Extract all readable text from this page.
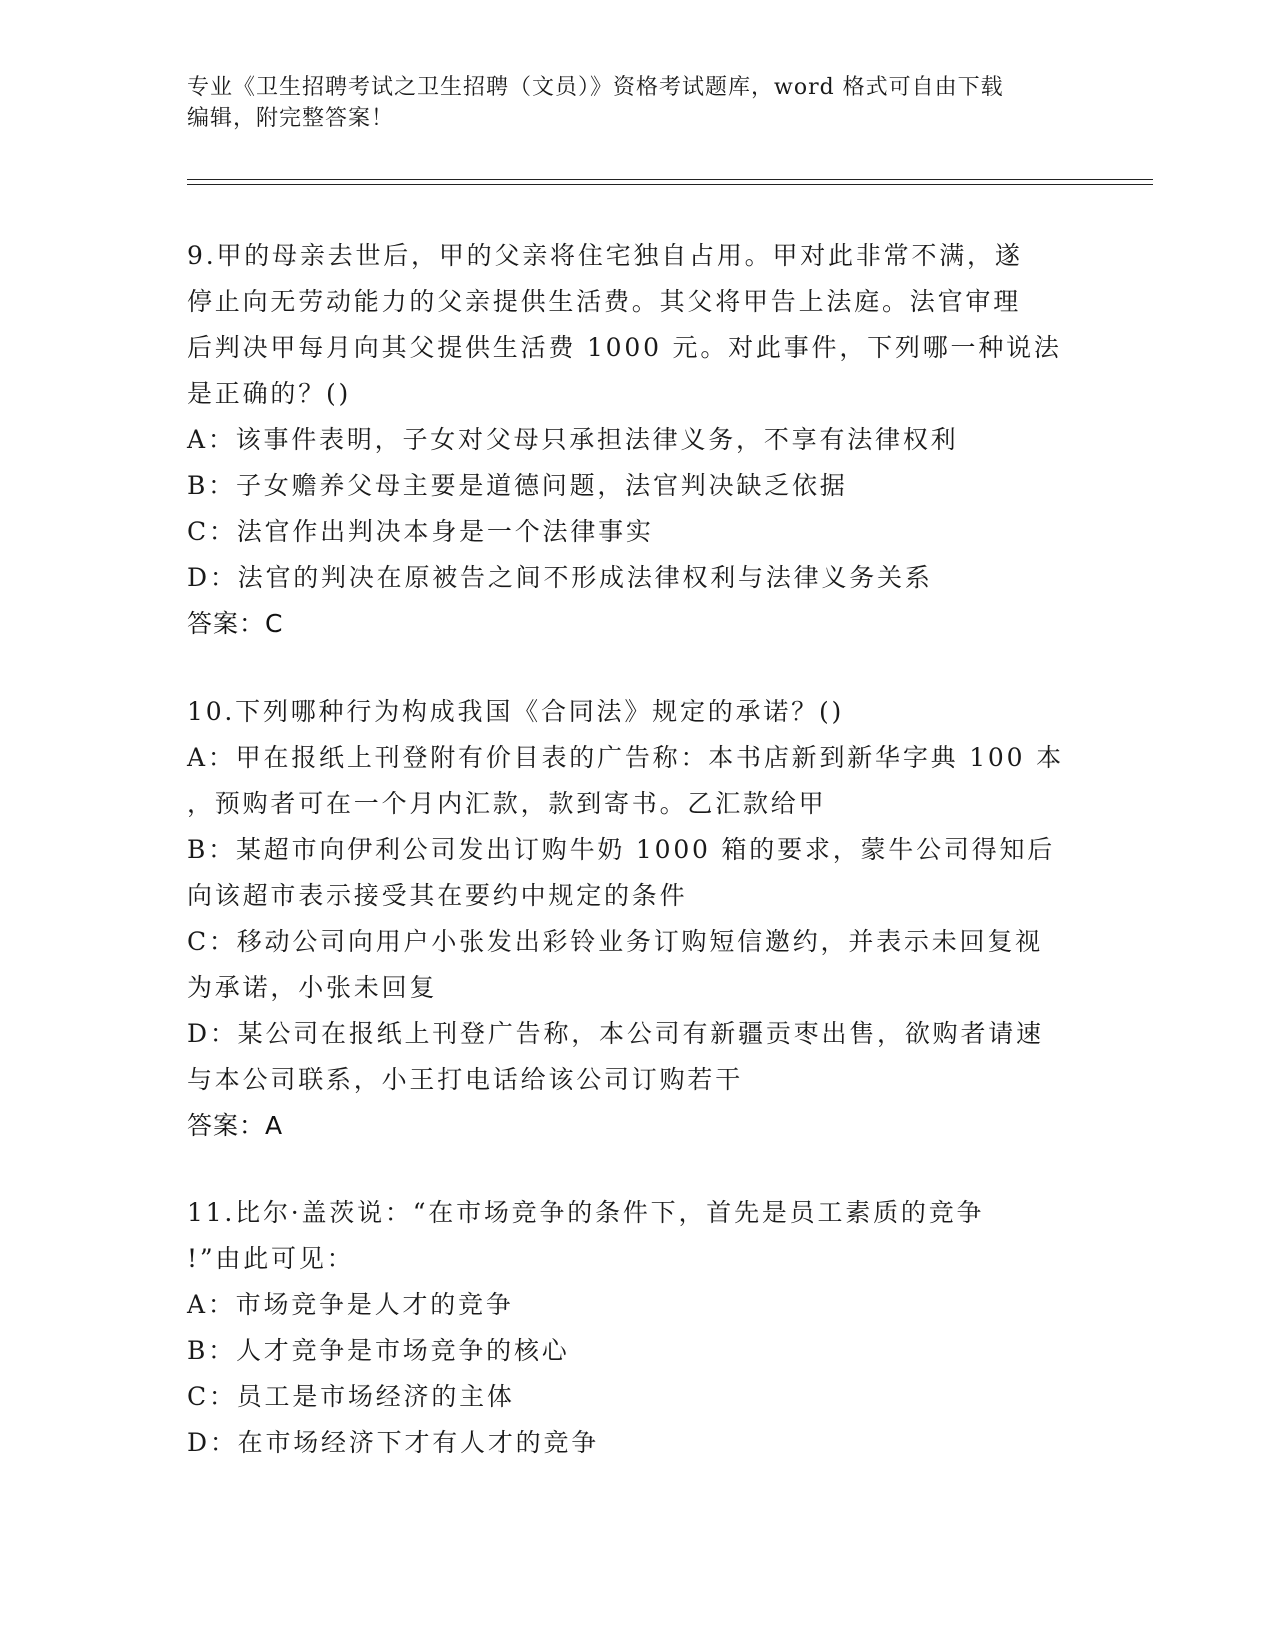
专业《卫生招聘考试之卫生招聘（文员）》资格考试题库，word 格式可自由下载
编辑，附完整答案！
9.甲的母亲去世后，甲的父亲将住宅独自占用。甲对此非常不满，遂
停止向无劳动能力的父亲提供生活费。其父将甲告上法庭。法官审理
后判决甲每月向其父提供生活费 1000 元。对此事件，下列哪一种说法
是正确的？()
A：该事件表明，子女对父母只承担法律义务，不享有法律权利
B：子女赡养父母主要是道德问题，法官判决缺乏依据
C：法官作出判决本身是一个法律事实
D：法官的判决在原被告之间不形成法律权利与法律义务关系
答案：C
10.下列哪种行为构成我国《合同法》规定的承诺？()
A：甲在报纸上刊登附有价目表的广告称：本书店新到新华字典 100 本
，预购者可在一个月内汇款，款到寄书。乙汇款给甲
B：某超市向伊利公司发出订购牛奶 1000 箱的要求，蒙牛公司得知后
向该超市表示接受其在要约中规定的条件
C：移动公司向用户小张发出彩铃业务订购短信邀约，并表示未回复视
为承诺，小张未回复
D：某公司在报纸上刊登广告称，本公司有新疆贡枣出售，欲购者请速
与本公司联系，小王打电话给该公司订购若干
答案：A
11.比尔·盖茨说：“在市场竞争的条件下，首先是员工素质的竞争
!”由此可见：
A：市场竞争是人才的竞争
B：人才竞争是市场竞争的核心
C：员工是市场经济的主体
D：在市场经济下才有人才的竞争
